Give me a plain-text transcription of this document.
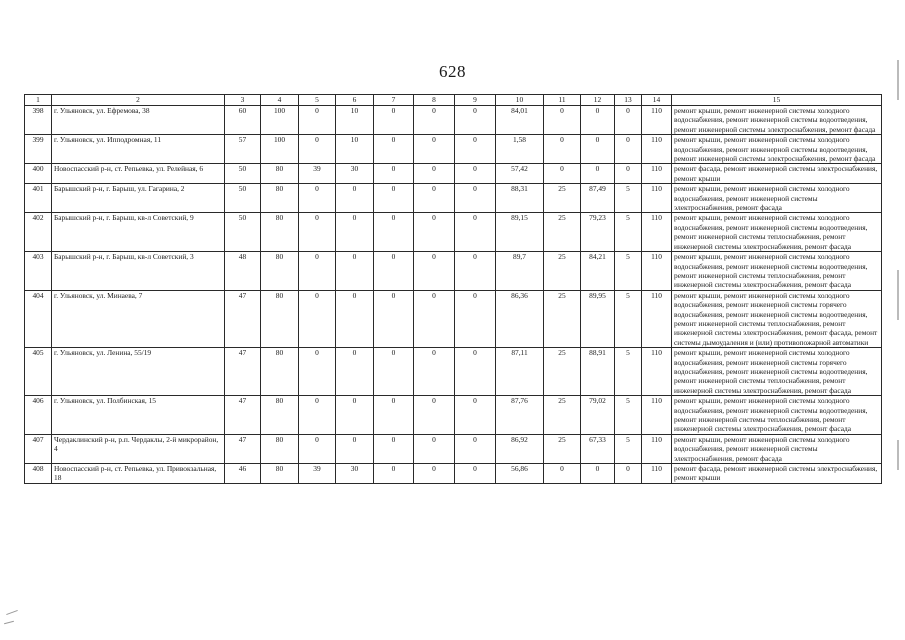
628
1	2	3	4	5	6	7	8	9	10	11	12	13	14	15
398	г. Ульяновск, ул. Ефремова, 38	60	100	0	10	0	0	0	84,01	0	0	0	110	ремонт крыши, ремонт инженерной системы холодного водоснабжения, ремонт инженерной системы водоотведения, ремонт инженерной системы электроснабжения, ремонт фасада
399	г. Ульяновск, ул. Ипподромная, 11	57	100	0	10	0	0	0	1,58	0	0	0	110	ремонт крыши, ремонт инженерной системы холодного водоснабжения, ремонт инженерной системы водоотведения, ремонт инженерной системы электроснабжения, ремонт фасада
400	Новоспасский р-н, ст. Репьевка, ул. Релейная, 6	50	80	39	30	0	0	0	57,42	0	0	0	110	ремонт фасада, ремонт инженерной системы электроснабжения, ремонт крыши
401	Барышский р-н, г. Барыш, ул. Гагарина, 2	50	80	0	0	0	0	0	88,31	25	87,49	5	110	ремонт крыши, ремонт инженерной системы холодного водоснабжения, ремонт инженерной системы электроснабжения, ремонт фасада
402	Барышский р-н, г. Барыш, кв-л Советский, 9	50	80	0	0	0	0	0	89,15	25	79,23	5	110	ремонт крыши, ремонт инженерной системы холодного водоснабжения, ремонт инженерной системы водоотведения, ремонт инженерной системы теплоснабжения, ремонт инженерной системы электроснабжения, ремонт фасада
403	Барышский р-н, г. Барыш, кв-л Советский, 3	48	80	0	0	0	0	0	89,7	25	84,21	5	110	ремонт крыши, ремонт инженерной системы холодного водоснабжения, ремонт инженерной системы водоотведения, ремонт инженерной системы теплоснабжения, ремонт инженерной системы электроснабжения, ремонт фасада
404	г. Ульяновск, ул. Минаева, 7	47	80	0	0	0	0	0	86,36	25	89,95	5	110	ремонт крыши, ремонт инженерной системы холодного водоснабжения, ремонт инженерной системы горячего водоснабжения, ремонт инженерной системы водоотведения, ремонт инженерной системы теплоснабжения, ремонт инженерной системы электроснабжения, ремонт фасада, ремонт системы дымоудаления и (или) противопожарной автоматики
405	г. Ульяновск, ул. Ленина, 55/19	47	80	0	0	0	0	0	87,11	25	88,91	5	110	ремонт крыши, ремонт инженерной системы холодного водоснабжения, ремонт инженерной системы горячего водоснабжения, ремонт инженерной системы водоотведения, ремонт инженерной системы теплоснабжения, ремонт инженерной системы электроснабжения, ремонт фасада
406	г. Ульяновск, ул. Полбинская, 15	47	80	0	0	0	0	0	87,76	25	79,02	5	110	ремонт крыши, ремонт инженерной системы холодного водоснабжения, ремонт инженерной системы водоотведения, ремонт инженерной системы теплоснабжения, ремонт инженерной системы электроснабжения, ремонт фасада
407	Чердаклинский р-н, р.п. Чердаклы, 2-й микрорайон, 4	47	80	0	0	0	0	0	86,92	25	67,33	5	110	ремонт крыши, ремонт инженерной системы холодного водоснабжения, ремонт инженерной системы электроснабжения, ремонт фасада
408	Новоспасский р-н, ст. Репьевка, ул. Привокзальная, 18	46	80	39	30	0	0	0	56,86	0	0	0	110	ремонт фасада, ремонт инженерной системы электроснабжения, ремонт крыши
